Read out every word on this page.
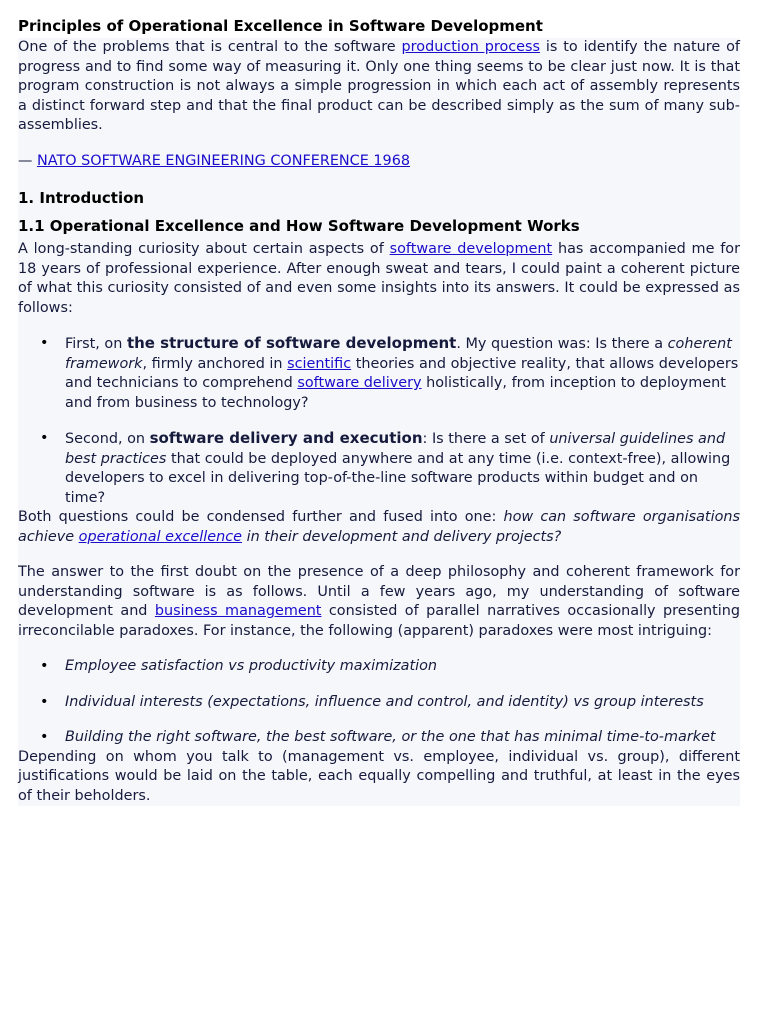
Principles of Operational Excellence in Software Development

One of the problems that is central to the software production process is to identify the nature of progress and to find some way of measuring it. Only one thing seems to be clear just now. It is that program construction is not always a simple progression in which each act of assembly represents a distinct forward step and that the final product can be described simply as the sum of many sub-assemblies.

— NATO SOFTWARE ENGINEERING CONFERENCE 1968

1. Introduction
1.1 Operational Excellence and How Software Development Works

A long-standing curiosity about certain aspects of software development has accompanied me for 18 years of professional experience. After enough sweat and tears, I could paint a coherent picture of what this curiosity consisted of and even some insights into its answers. It could be expressed as follows:

• First, on the structure of software development. My question was: Is there a coherent framework, firmly anchored in scientific theories and objective reality, that allows developers and technicians to comprehend software delivery holistically, from inception to deployment and from business to technology?
• Second, on software delivery and execution: Is there a set of universal guidelines and best practices that could be deployed anywhere and at any time (i.e. context-free), allowing developers to excel in delivering top-of-the-line software products within budget and on time?

Both questions could be condensed further and fused into one: how can software organisations achieve operational excellence in their development and delivery projects?

The answer to the first doubt on the presence of a deep philosophy and coherent framework for understanding software is as follows. Until a few years ago, my understanding of software development and business management consisted of parallel narratives occasionally presenting irreconcilable paradoxes. For instance, the following (apparent) paradoxes were most intriguing:

• Employee satisfaction vs productivity maximization
• Individual interests (expectations, influence and control, and identity) vs group interests
• Building the right software, the best software, or the one that has minimal time-to-market

Depending on whom you talk to (management vs. employee, individual vs. group), different justifications would be laid on the table, each equally compelling and truthful, at least in the eyes of their beholders.
